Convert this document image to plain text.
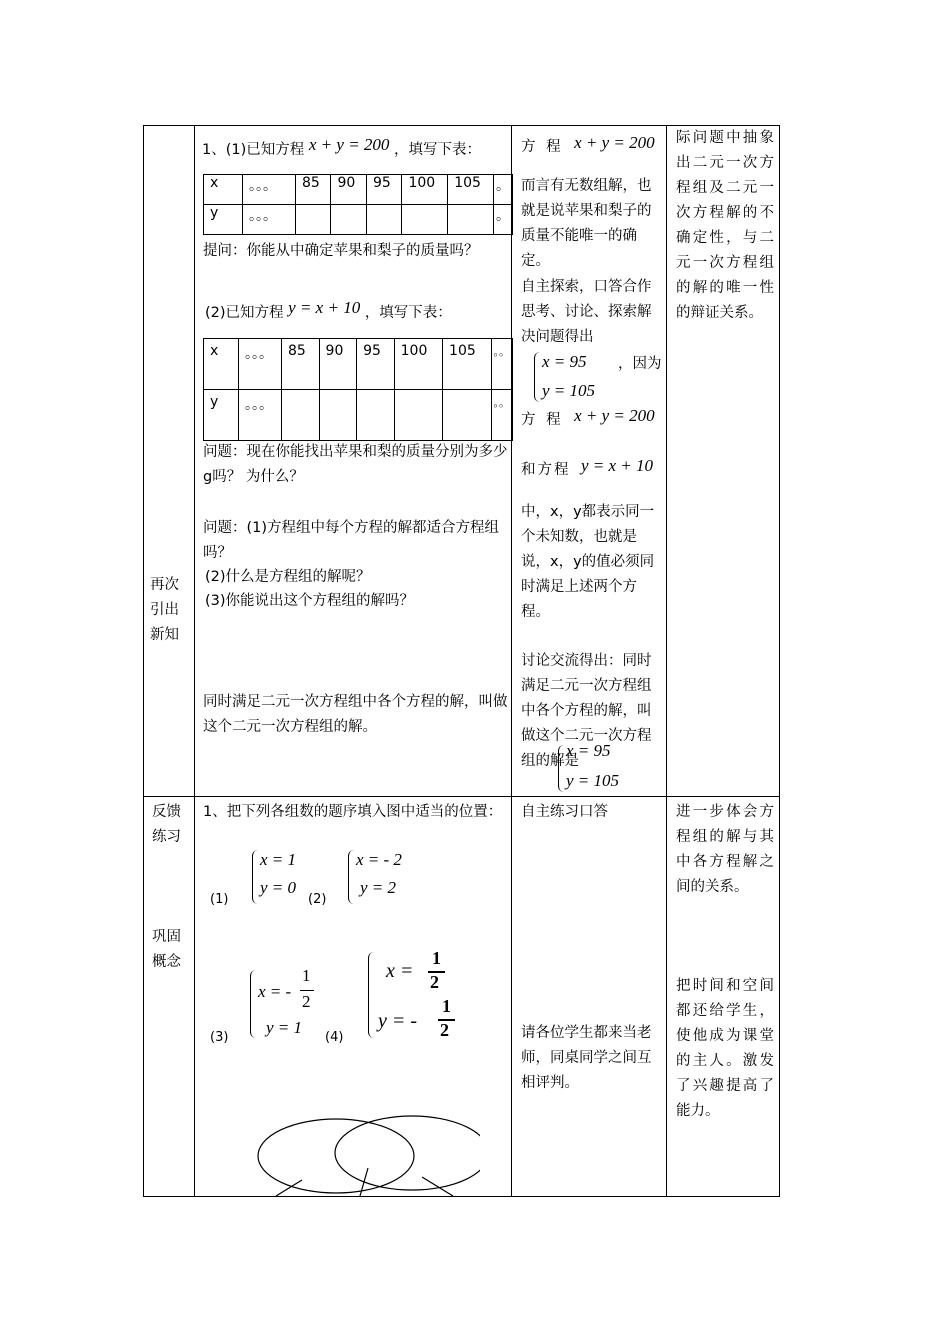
再次
引出
新知
1、(1)已知方程 x + y = 200 ，填写下表：
x	。。。	85	90	95	100	105	。
y	。。。						。
提问：你能从中确定苹果和梨子的质量吗？
(2)已知方程 y = x + 10 ，填写下表：
x	。。。	85	90	95	100	105	。。
y	。。。						。。
问题：现在你能找出苹果和梨的质量分别为多少g吗？ 为什么？
问题：(1)方程组中每个方程的解都适合方程组吗？
(2)什么是方程组的解呢？
(3)你能说出这个方程组的解吗？
同时满足二元一次方程组中各个方程的解，叫做这个二元一次方程组的解。
方 程 x + y = 200
而言有无数组解，也就是说苹果和梨子的质量不能唯一的确定。
自主探索，口答合作思考、讨论、探索解决问题得出
x = 95
y = 105
，因为
方 程 x + y = 200
和方程 y = x + 10
中，x，y都表示同一个未知数，也就是说，x，y的值必须同时满足上述两个方程。
讨论交流得出：同时满足二元一次方程组中各个方程的解，叫做这个二元一次方程组的解是
x = 95
y = 105
际问题中抽象出二元一次方程组及二元一次方程解的不确定性，与二元一次方程组的解的唯一性的辩证关系。
反馈
练习
巩固
概念
1、把下列各组数的题序填入图中适当的位置：
(1)
x = 1
y = 0
(2)
x = - 2
y = 2
(3)
x = -
1
2
y = 1
(4)
x =
1
2
y = -
1
2
自主练习口答
请各位学生都来当老师，同桌同学之间互相评判。
进一步体会方程组的解与其中各方程解之间的关系。
把时间和空间都还给学生，使他成为课堂的主人。激发了兴趣提高了能力。
